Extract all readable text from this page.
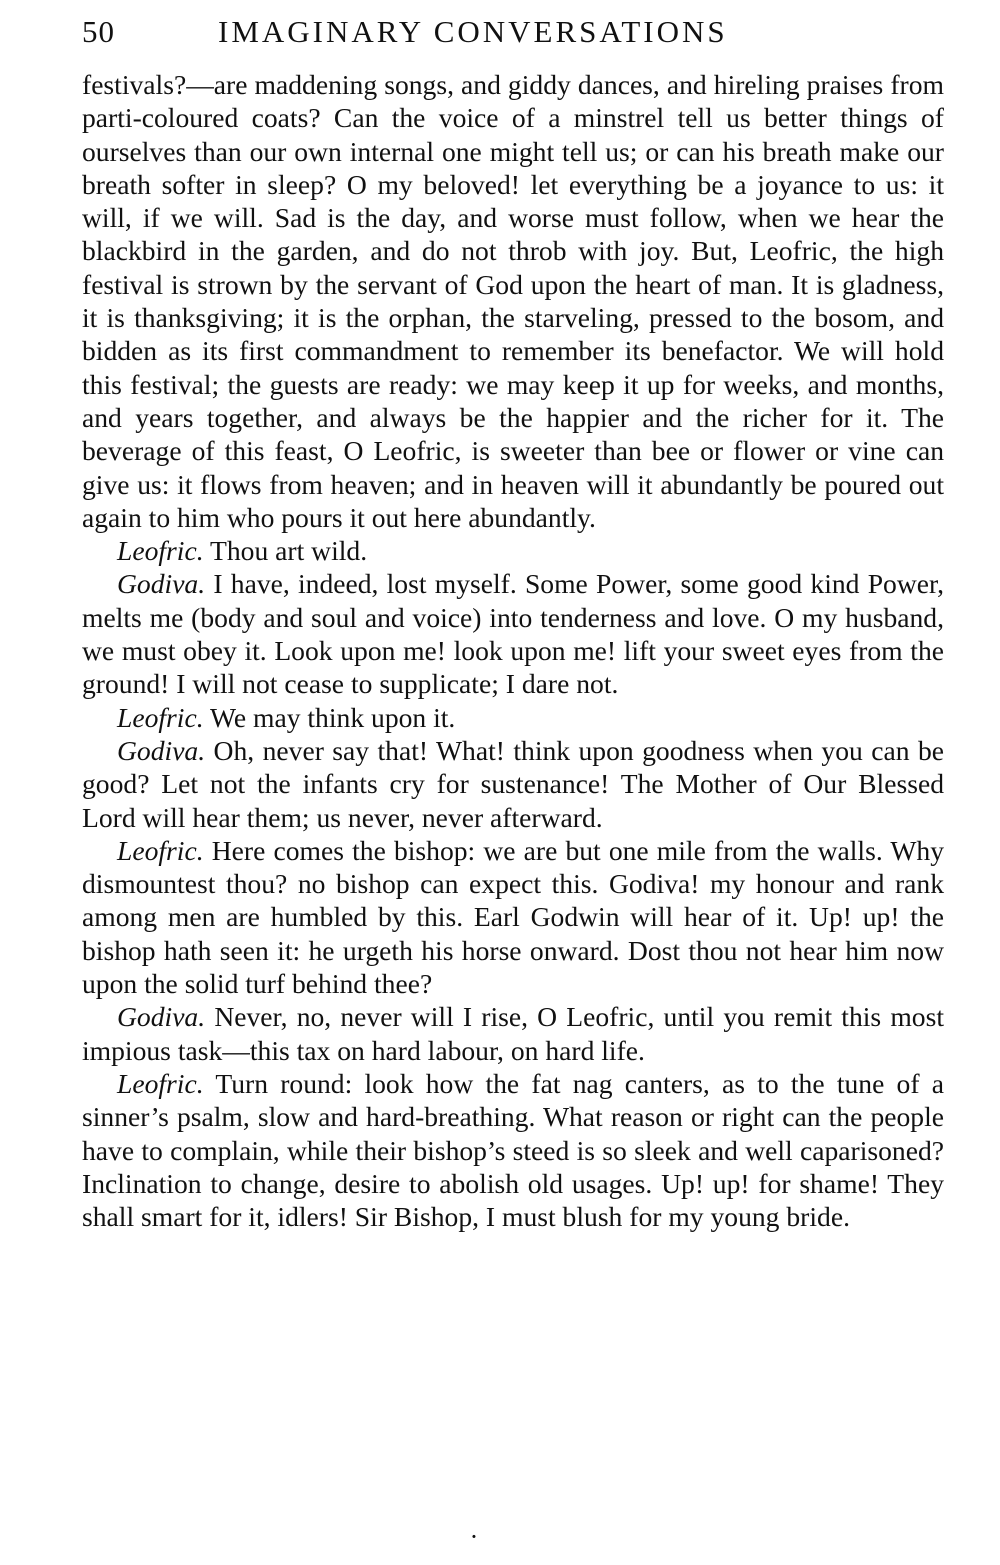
50	IMAGINARY CONVERSATIONS

festivals?—are maddening songs, and giddy dances, and hireling praises from parti-coloured coats? Can the voice of a minstrel tell us better things of ourselves than our own internal one might tell us; or can his breath make our breath softer in sleep? O my beloved! let everything be a joyance to us: it will, if we will. Sad is the day, and worse must follow, when we hear the blackbird in the garden, and do not throb with joy. But, Leofric, the high festival is strown by the servant of God upon the heart of man. It is gladness, it is thanksgiving; it is the orphan, the starveling, pressed to the bosom, and bidden as its first commandment to remember its benefactor. We will hold this festival; the guests are ready: we may keep it up for weeks, and months, and years together, and always be the happier and the richer for it. The beverage of this feast, O Leofric, is sweeter than bee or flower or vine can give us: it flows from heaven; and in heaven will it abundantly be poured out again to him who pours it out here abundantly.

Leofric. Thou art wild.

Godiva. I have, indeed, lost myself. Some Power, some good kind Power, melts me (body and soul and voice) into tenderness and love. O my husband, we must obey it. Look upon me! look upon me! lift your sweet eyes from the ground! I will not cease to supplicate; I dare not.

Leofric. We may think upon it.

Godiva. Oh, never say that! What! think upon goodness when you can be good? Let not the infants cry for sustenance! The Mother of Our Blessed Lord will hear them; us never, never afterward.

Leofric. Here comes the bishop: we are but one mile from the walls. Why dismountest thou? no bishop can expect this. Godiva! my honour and rank among men are humbled by this. Earl Godwin will hear of it. Up! up! the bishop hath seen it: he urgeth his horse onward. Dost thou not hear him now upon the solid turf behind thee?

Godiva. Never, no, never will I rise, O Leofric, until you remit this most impious task—this tax on hard labour, on hard life.

Leofric. Turn round: look how the fat nag canters, as to the tune of a sinner’s psalm, slow and hard-breathing. What reason or right can the people have to complain, while their bishop’s steed is so sleek and well caparisoned? Inclination to change, desire to abolish old usages. Up! up! for shame! They shall smart for it, idlers! Sir Bishop, I must blush for my young bride.

·
